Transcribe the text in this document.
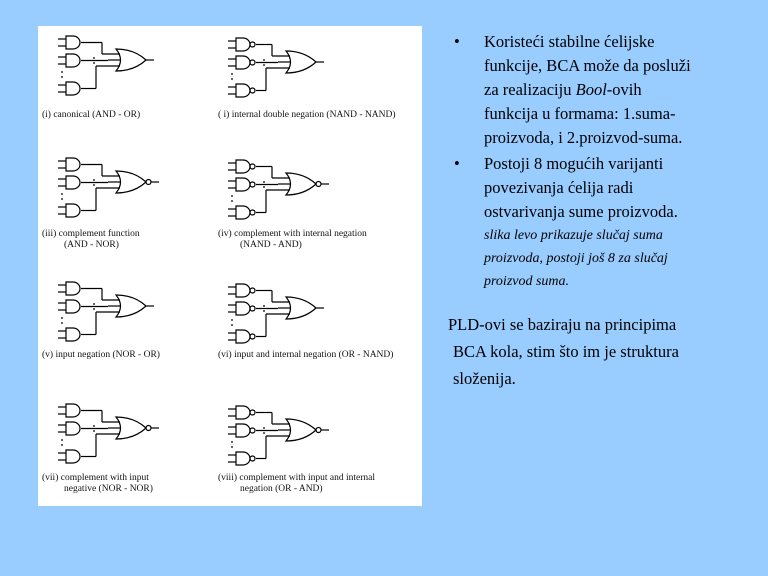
(i) canonical (AND - OR)	( i) internal double negation (NAND - NAND)
(iii) complement function
(AND - NOR)
(iv) complement with internal negation
(NAND - AND)
(v) input negation (NOR - OR)	(vi) input and internal negation (OR - NAND)
(vii) complement with input
negative (NOR - NOR)
(viii) complement with input and internal
negation (OR - AND)
• Koristeći stabilne ćelijske
funkcije, BCA može da posluži
za realizaciju Bool-ovih
funkcija u formama: 1.suma-
proizvoda, i 2.proizvod-suma.

• Postoji 8 mogućih varijanti
povezivanja ćelija radi
ostvarivanja sume proizvoda.

slika levo prikazuje slučaj suma
proizvoda, postoji još 8 za slučaj
proizvod suma.
PLD-ovi se baziraju na principima
BCA kola, stim što im je struktura
složenija.
